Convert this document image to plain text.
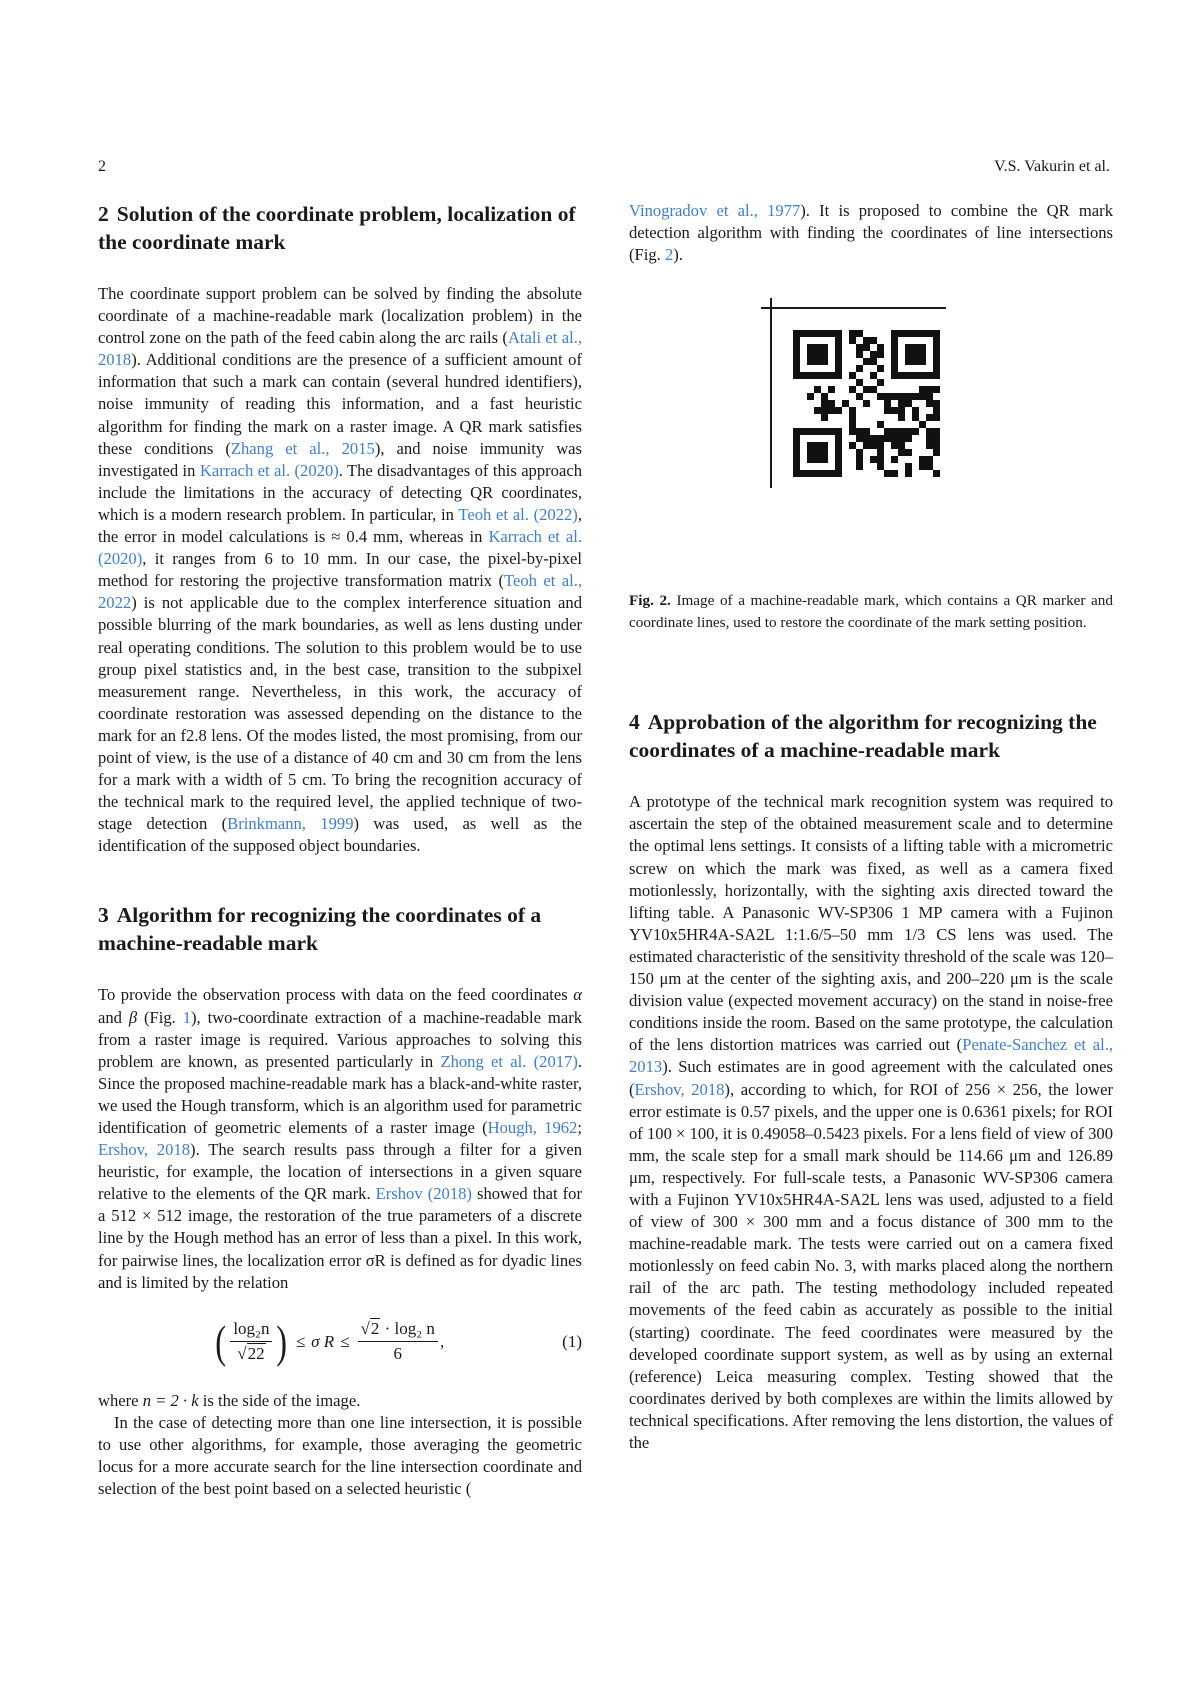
2	V.S. Vakurin et al.
2 Solution of the coordinate problem, localization of the coordinate mark

The coordinate support problem can be solved by finding the absolute coordinate of a machine-readable mark (localization problem) in the control zone on the path of the feed cabin along the arc rails (Atali et al., 2018). Additional conditions are the presence of a sufficient amount of information that such a mark can contain (several hundred identifiers), noise immunity of reading this information, and a fast heuristic algorithm for finding the mark on a raster image. A QR mark satisfies these conditions (Zhang et al., 2015), and noise immunity was investigated in Karrach et al. (2020). The disadvantages of this approach include the limitations in the accuracy of detecting QR coordinates, which is a modern research problem. In particular, in Teoh et al. (2022), the error in model calculations is ≈ 0.4 mm, whereas in Karrach et al. (2020), it ranges from 6 to 10 mm. In our case, the pixel-by-pixel method for restoring the projective transformation matrix (Teoh et al., 2022) is not applicable due to the complex interference situation and possible blurring of the mark boundaries, as well as lens dusting under real operating conditions. The solution to this problem would be to use group pixel statistics and, in the best case, transition to the subpixel measurement range. Nevertheless, in this work, the accuracy of coordinate restoration was assessed depending on the distance to the mark for an f2.8 lens. Of the modes listed, the most promising, from our point of view, is the use of a distance of 40 cm and 30 cm from the lens for a mark with a width of 5 cm. To bring the recognition accuracy of the technical mark to the required level, the applied technique of two-stage detection (Brinkmann, 1999) was used, as well as the identification of the supposed object boundaries.

3 Algorithm for recognizing the coordinates of a machine-readable mark

To provide the observation process with data on the feed coordinates α and β (Fig. 1), two-coordinate extraction of a machine-readable mark from a raster image is required. Various approaches to solving this problem are known, as presented particularly in Zhong et al. (2017). Since the proposed machine-readable mark has a black-and-white raster, we used the Hough transform, which is an algorithm used for parametric identification of geometric elements of a raster image (Hough, 1962; Ershov, 2018). The search results pass through a filter for a given heuristic, for example, the location of intersections in a given square relative to the elements of the QR mark. Ershov (2018) showed that for a 512 × 512 image, the restoration of the true parameters of a discrete line by the Hough method has an error of less than a pixel. In this work, for pairwise lines, the localization error σR is defined as for dyadic lines and is limited by the relation

( log₂n
√22 ) ≤ σ R ≤
√2 · log₂ n
6
,	(1)

where n = 2 · k is the side of the image.

In the case of detecting more than one line intersection, it is possible to use other algorithms, for example, those averaging the geometric locus for a more accurate search for the line intersection coordinate and selection of the best point based on a selected heuristic (

Vinogradov et al., 1977). It is proposed to combine the QR mark detection algorithm with finding the coordinates of line intersections (Fig. 2).

Fig. 2. Image of a machine-readable mark, which contains a QR marker and coordinate lines, used to restore the coordinate of the mark setting position.

4 Approbation of the algorithm for recognizing the coordinates of a machine-readable mark

A prototype of the technical mark recognition system was required to ascertain the step of the obtained measurement scale and to determine the optimal lens settings. It consists of a lifting table with a micrometric screw on which the mark was fixed, as well as a camera fixed motionlessly, horizontally, with the sighting axis directed toward the lifting table. A Panasonic WV-SP306 1 MP camera with a Fujinon YV10x5HR4A-SA2L 1:1.6/5–50 mm 1/3 CS lens was used. The estimated characteristic of the sensitivity threshold of the scale was 120–150 μm at the center of the sighting axis, and 200–220 μm is the scale division value (expected movement accuracy) on the stand in noise-free conditions inside the room. Based on the same prototype, the calculation of the lens distortion matrices was carried out (Penate-Sanchez et al., 2013). Such estimates are in good agreement with the calculated ones (Ershov, 2018), according to which, for ROI of 256 × 256, the lower error estimate is 0.57 pixels, and the upper one is 0.6361 pixels; for ROI of 100 × 100, it is 0.49058–0.5423 pixels. For a lens field of view of 300 mm, the scale step for a small mark should be 114.66 μm and 126.89 μm, respectively. For full-scale tests, a Panasonic WV-SP306 camera with a Fujinon YV10x5HR4A-SA2L lens was used, adjusted to a field of view of 300 × 300 mm and a focus distance of 300 mm to the machine-readable mark. The tests were carried out on a camera fixed motionlessly on feed cabin No. 3, with marks placed along the northern rail of the arc path. The testing methodology included repeated movements of the feed cabin as accurately as possible to the initial (starting) coordinate. The feed coordinates were measured by the developed coordinate support system, as well as by using an external (reference) Leica measuring complex. Testing showed that the coordinates derived by both complexes are within the limits allowed by technical specifications. After removing the lens distortion, the values of the
